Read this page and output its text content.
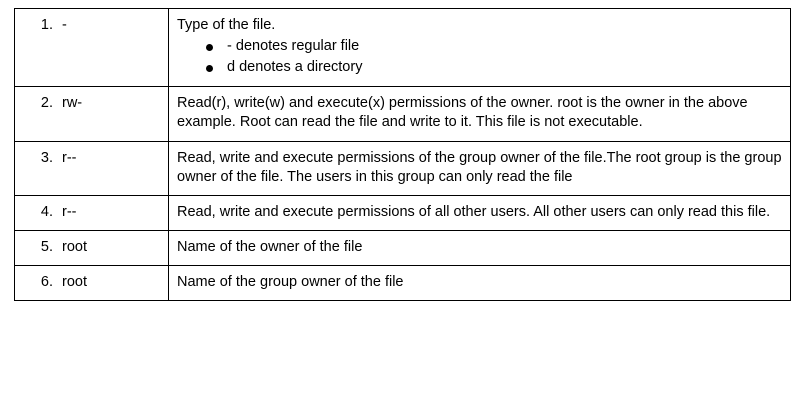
1. -	Type of the file.

- denotes regular file
d denotes a directory

2. rw-	Read(r), write(w) and execute(x) permissions of the owner. root is the owner in the above example. Root can read the file and write to it. This file is not executable.

3. r--	Read, write and execute permissions of the group owner of the file.The root group is the group owner of the file. The users in this group can only read the file

4. r--	Read, write and execute permissions of all other users. All other users can only read this file.

5. root	Name of the owner of the file

6. root	Name of the group owner of the file
